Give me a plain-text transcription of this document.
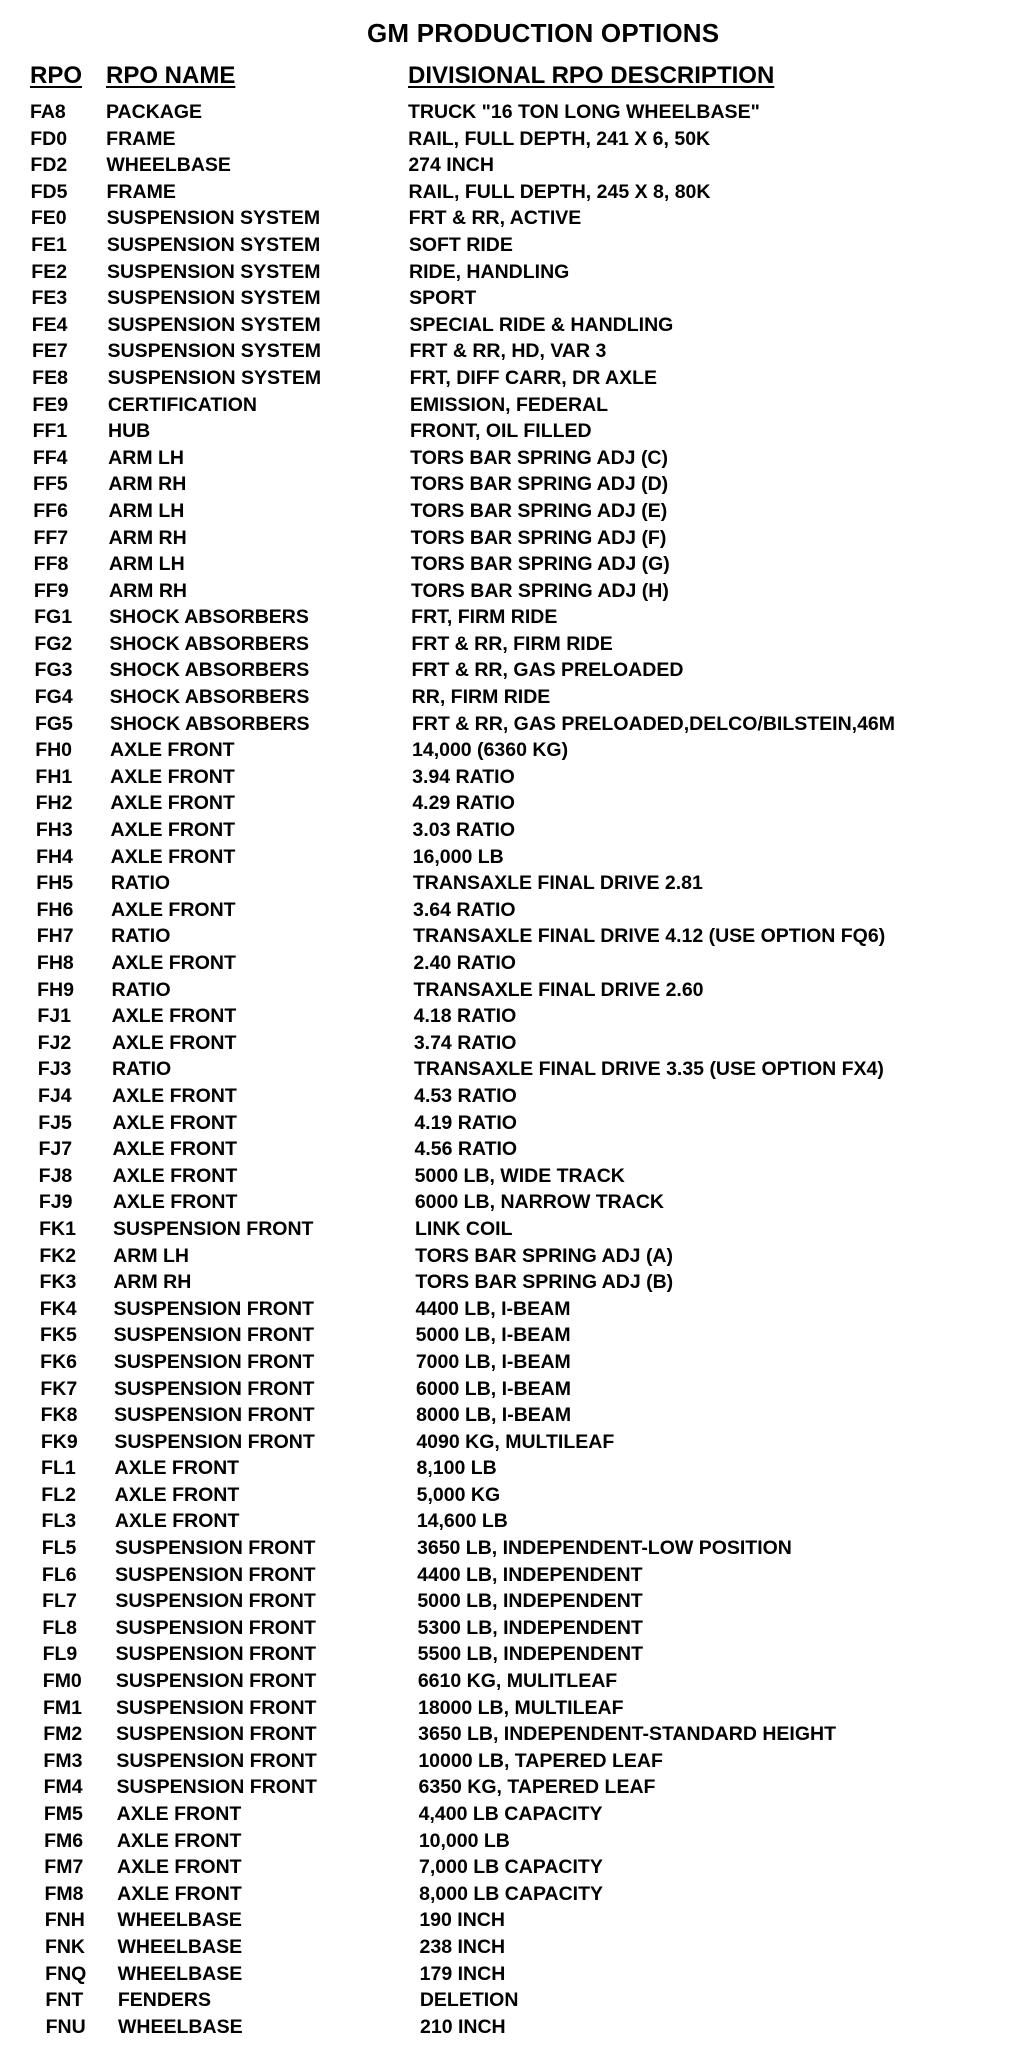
GM PRODUCTION OPTIONS
RPO RPO NAME	DIVISIONAL RPO DESCRIPTION
FA8 PACKAGE	TRUCK "16 TON LONG WHEELBASE"
FD0 FRAME	RAIL, FULL DEPTH, 241 X 6, 50K
FD2 WHEELBASE	274 INCH
FD5 FRAME	RAIL, FULL DEPTH, 245 X 8, 80K
FE0 SUSPENSION SYSTEM	FRT & RR, ACTIVE
FE1 SUSPENSION SYSTEM	SOFT RIDE
FE2 SUSPENSION SYSTEM	RIDE, HANDLING
FE3 SUSPENSION SYSTEM	SPORT
FE4 SUSPENSION SYSTEM	SPECIAL RIDE & HANDLING
FE7 SUSPENSION SYSTEM	FRT & RR, HD, VAR 3
FE8 SUSPENSION SYSTEM	FRT, DIFF CARR, DR AXLE
FE9 CERTIFICATION	EMISSION, FEDERAL
FF1 HUB	FRONT, OIL FILLED
FF4 ARM LH	TORS BAR SPRING ADJ (C)
FF5 ARM RH	TORS BAR SPRING ADJ (D)
FF6 ARM LH	TORS BAR SPRING ADJ (E)
FF7 ARM RH	TORS BAR SPRING ADJ (F)
FF8 ARM LH	TORS BAR SPRING ADJ (G)
FF9 ARM RH	TORS BAR SPRING ADJ (H)
FG1 SHOCK ABSORBERS	FRT, FIRM RIDE
FG2 SHOCK ABSORBERS	FRT & RR, FIRM RIDE
FG3 SHOCK ABSORBERS	FRT & RR, GAS PRELOADED
FG4 SHOCK ABSORBERS	RR, FIRM RIDE
FG5 SHOCK ABSORBERS	FRT & RR, GAS PRELOADED,DELCO/BILSTEIN,46M
FH0 AXLE FRONT	14,000 (6360 KG)
FH1 AXLE FRONT	3.94 RATIO
FH2 AXLE FRONT	4.29 RATIO
FH3 AXLE FRONT	3.03 RATIO
FH4 AXLE FRONT	16,000 LB
FH5 RATIO	TRANSAXLE FINAL DRIVE 2.81
FH6 AXLE FRONT	3.64 RATIO
FH7 RATIO	TRANSAXLE FINAL DRIVE 4.12 (USE OPTION FQ6)
FH8 AXLE FRONT	2.40 RATIO
FH9 RATIO	TRANSAXLE FINAL DRIVE 2.60
FJ1 AXLE FRONT	4.18 RATIO
FJ2 AXLE FRONT	3.74 RATIO
FJ3 RATIO	TRANSAXLE FINAL DRIVE 3.35 (USE OPTION FX4)
FJ4 AXLE FRONT	4.53 RATIO
FJ5 AXLE FRONT	4.19 RATIO
FJ7 AXLE FRONT	4.56 RATIO
FJ8 AXLE FRONT	5000 LB, WIDE TRACK
FJ9 AXLE FRONT	6000 LB, NARROW TRACK
FK1 SUSPENSION FRONT	LINK COIL
FK2 ARM LH	TORS BAR SPRING ADJ (A)
FK3 ARM RH	TORS BAR SPRING ADJ (B)
FK4 SUSPENSION FRONT	4400 LB, I-BEAM
FK5 SUSPENSION FRONT	5000 LB, I-BEAM
FK6 SUSPENSION FRONT	7000 LB, I-BEAM
FK7 SUSPENSION FRONT	6000 LB, I-BEAM
FK8 SUSPENSION FRONT	8000 LB, I-BEAM
FK9 SUSPENSION FRONT	4090 KG, MULTILEAF
FL1 AXLE FRONT	8,100 LB
FL2 AXLE FRONT	5,000 KG
FL3 AXLE FRONT	14,600 LB
FL5 SUSPENSION FRONT	3650 LB, INDEPENDENT-LOW POSITION
FL6 SUSPENSION FRONT	4400 LB, INDEPENDENT
FL7 SUSPENSION FRONT	5000 LB, INDEPENDENT
FL8 SUSPENSION FRONT	5300 LB, INDEPENDENT
FL9 SUSPENSION FRONT	5500 LB, INDEPENDENT
FM0 SUSPENSION FRONT	6610 KG, MULITLEAF
FM1 SUSPENSION FRONT	18000 LB, MULTILEAF
FM2 SUSPENSION FRONT	3650 LB, INDEPENDENT-STANDARD HEIGHT
FM3 SUSPENSION FRONT	10000 LB, TAPERED LEAF
FM4 SUSPENSION FRONT	6350 KG, TAPERED LEAF
FM5 AXLE FRONT	4,400 LB CAPACITY
FM6 AXLE FRONT	10,000 LB
FM7 AXLE FRONT	7,000 LB CAPACITY
FM8 AXLE FRONT	8,000 LB CAPACITY
FNH WHEELBASE	190 INCH
FNK WHEELBASE	238 INCH
FNQ WHEELBASE	179 INCH
FNT FENDERS	DELETION
FNU WHEELBASE	210 INCH
